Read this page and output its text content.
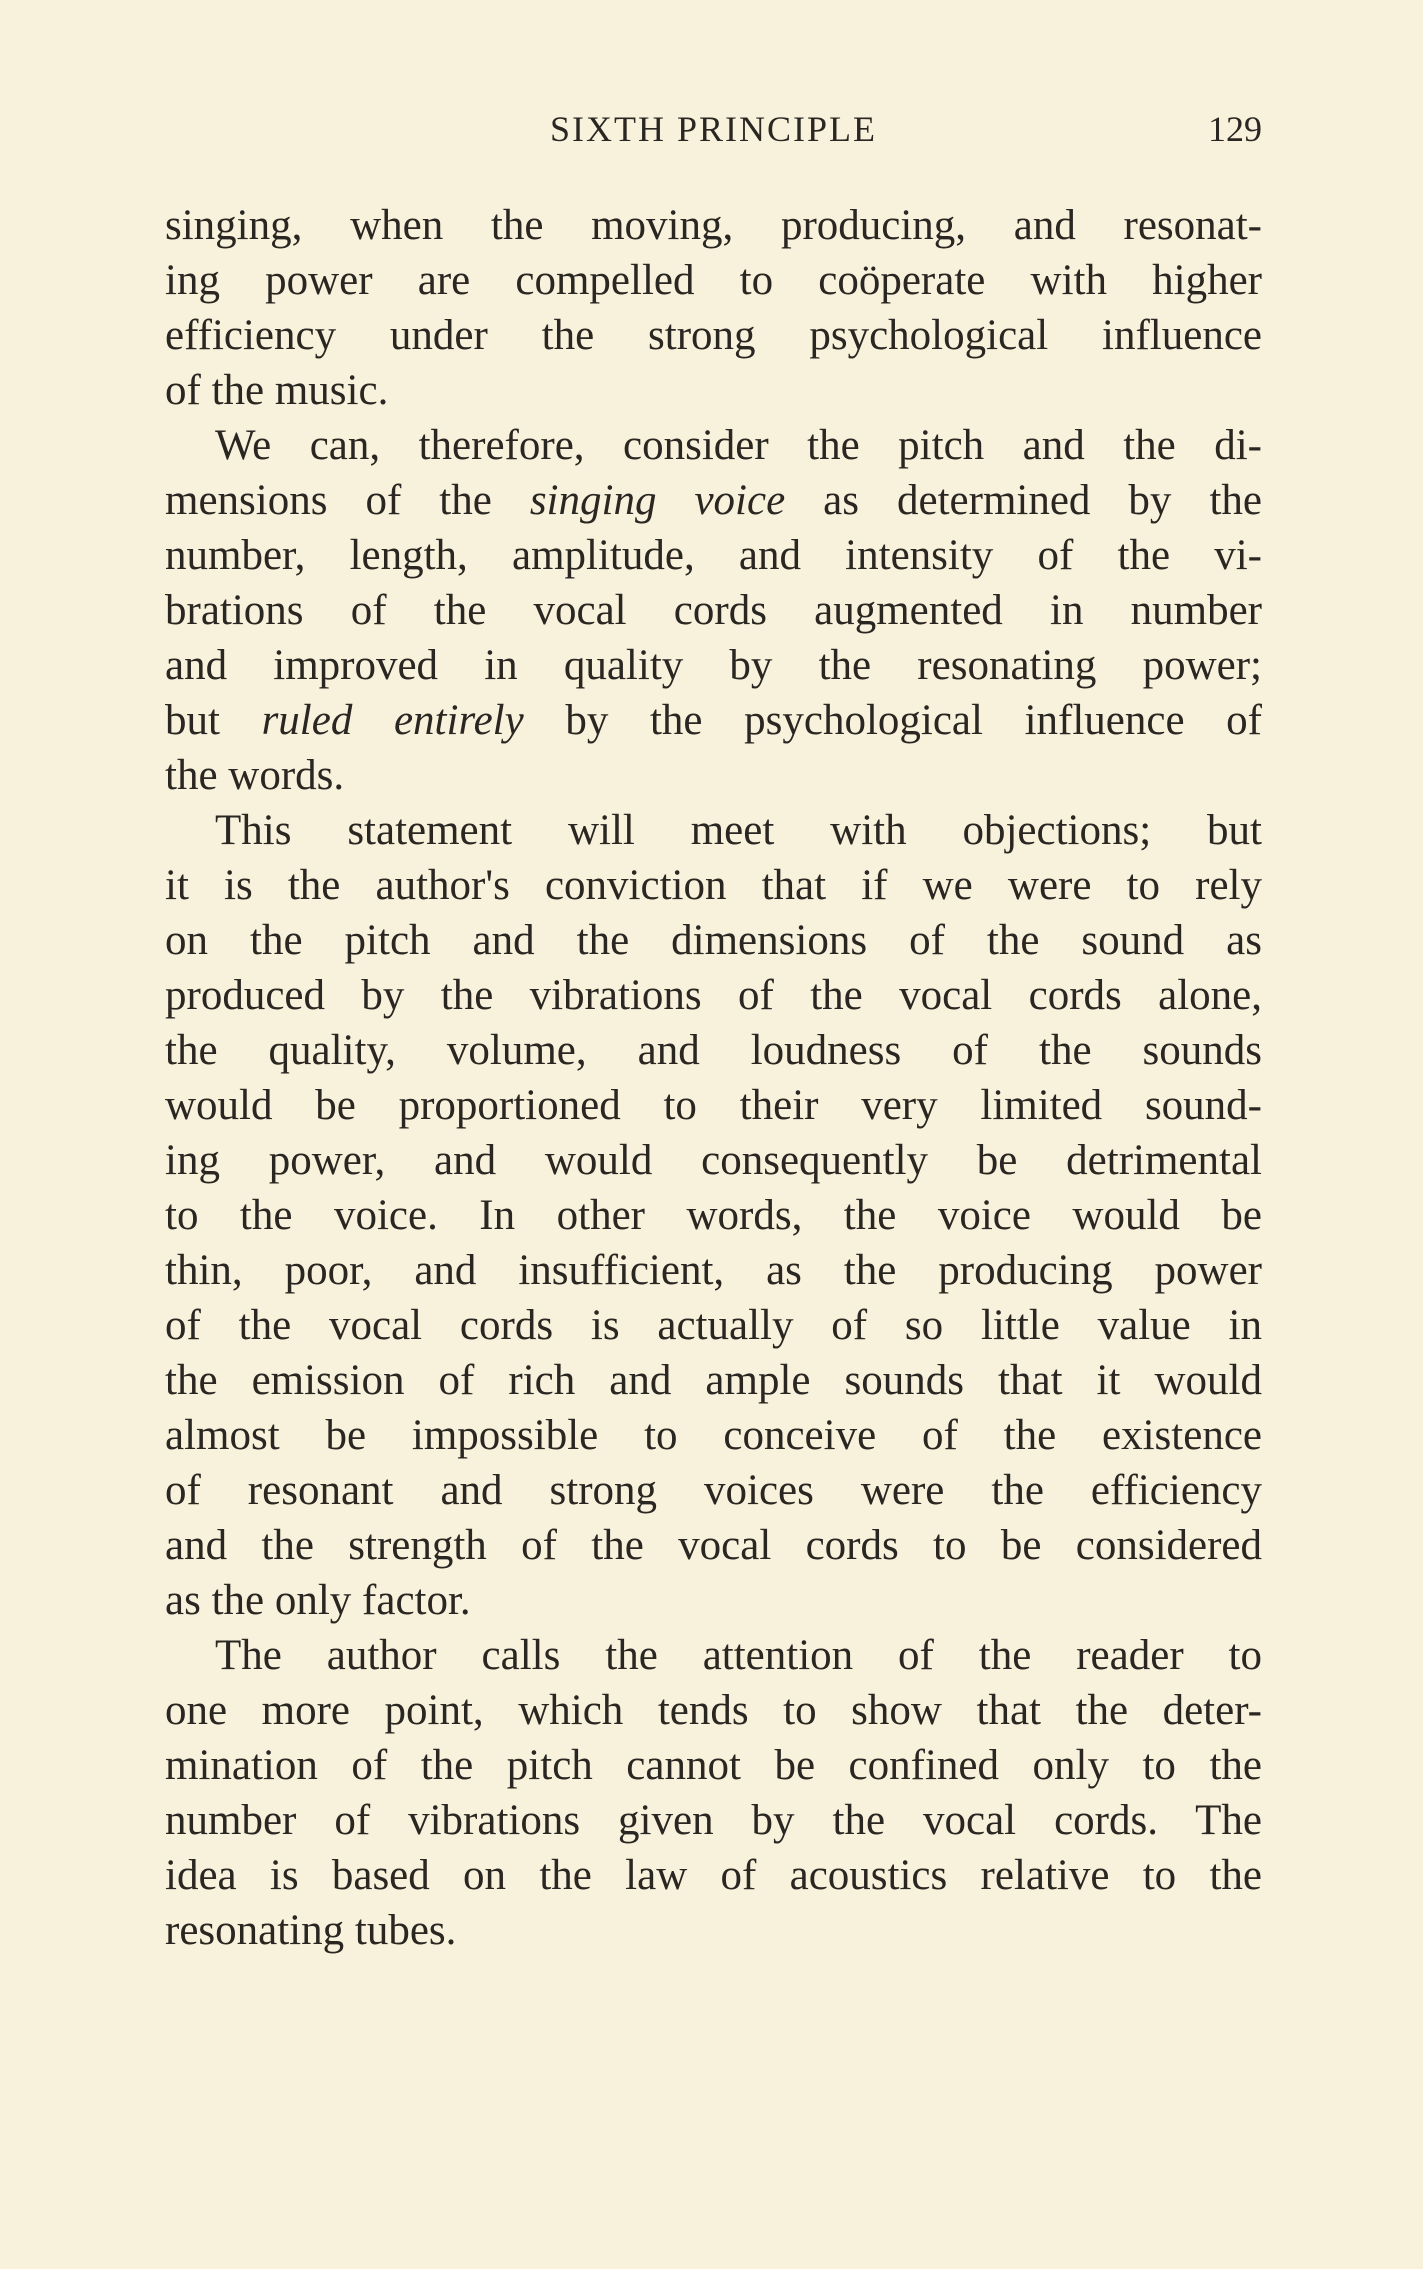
SIXTH PRINCIPLE	129
singing, when the moving, producing, and resonat-
ing power are compelled to coöperate with higher
efficiency under the strong psychological influence
of the music.
We can, therefore, consider the pitch and the di-
mensions of the singing voice as determined by the
number, length, amplitude, and intensity of the vi-
brations of the vocal cords augmented in number
and improved in quality by the resonating power;
but ruled entirely by the psychological influence of
the words.
This statement will meet with objections; but
it is the author's conviction that if we were to rely
on the pitch and the dimensions of the sound as
produced by the vibrations of the vocal cords alone,
the quality, volume, and loudness of the sounds
would be proportioned to their very limited sound-
ing power, and would consequently be detrimental
to the voice. In other words, the voice would be
thin, poor, and insufficient, as the producing power
of the vocal cords is actually of so little value in
the emission of rich and ample sounds that it would
almost be impossible to conceive of the existence
of resonant and strong voices were the efficiency
and the strength of the vocal cords to be considered
as the only factor.
The author calls the attention of the reader to
one more point, which tends to show that the deter-
mination of the pitch cannot be confined only to the
number of vibrations given by the vocal cords. The
idea is based on the law of acoustics relative to the
resonating tubes.
